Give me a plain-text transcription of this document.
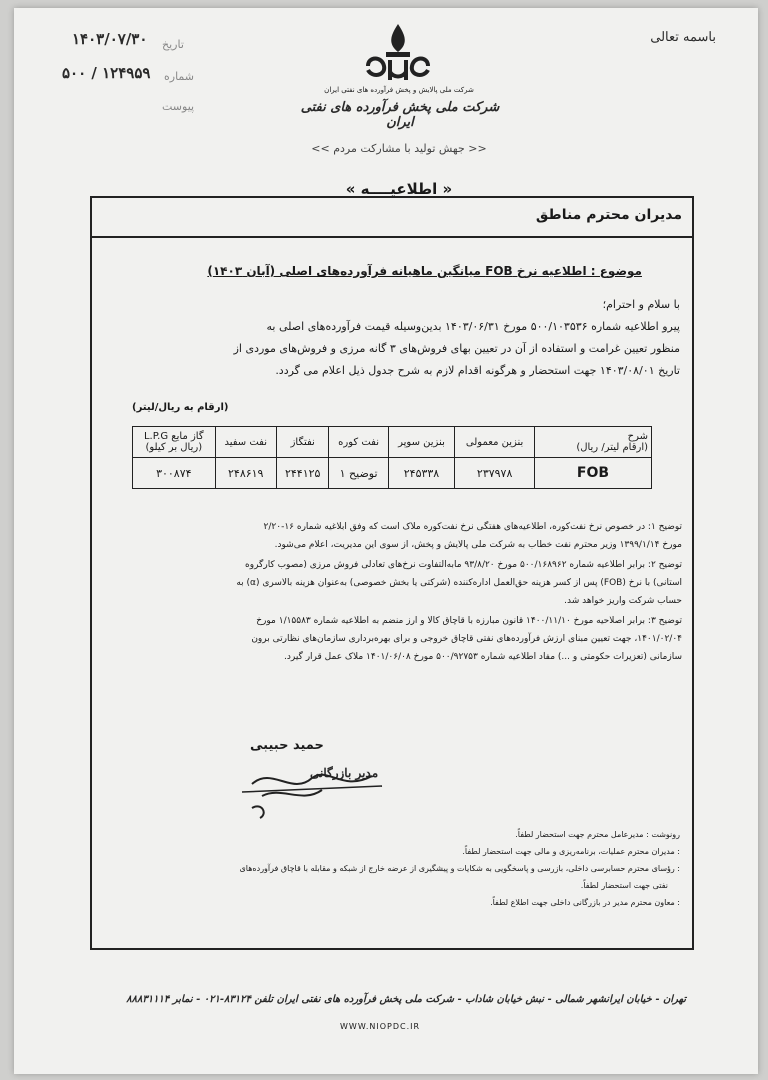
باسمه تعالی
۱۴۰۳/۰۷/۳۰
۵۰۰ / ۱۲۴۹۵۹
تاریخ
شماره
پیوست
شرکت ملی پالایش و پخش فرآورده های نفتی ایران
شرکت ملی پخش فرآورده های نفتی ایران
<< جهش تولید با مشارکت مردم >>
« اطلاعیــــه »
مدیران محترم مناطق
موضوع : اطلاعیه نرخ FOB میانگین ماهیانه فرآورده‌های اصلی (آبان ۱۴۰۳)
با سلام و احترام؛
پیرو اطلاعیه شماره ۵۰۰/۱۰۳۵۳۶ مورخ ۱۴۰۳/۰۶/۳۱ بدین‌وسیله قیمت فرآورده‌های اصلی به
منظور تعیین غرامت و استفاده از آن در تعیین بهای فروش‌های ۳ گانه مرزی و فروش‌های موردی از
تاریخ ۱۴۰۳/۰۸/۰۱ جهت استحضار و هرگونه اقدام لازم به شرح جدول ذیل اعلام می گردد.
(ارقام به ریال/لیتر)
شرح
(ارقام لیتر/ ریال)	بنزین معمولی	بنزین سوپر	نفت کوره	نفتگاز	نفت سفید	گاز مایع L.P.G
(ریال بر کیلو)
FOB	۲۳۷۹۷۸	۲۴۵۳۳۸	توضیح ۱	۲۴۴۱۲۵	۲۴۸۶۱۹	۳۰۰۸۷۴
توضیح ۱: در خصوص نرخ نفت‌کوره، اطلاعیه‌های هفتگی نرخ نفت‌کوره ملاک است که وفق ابلاغیه شماره ۱۶-۲/۲۰
مورخ ۱۳۹۹/۱/۱۴ وزیر محترم نفت خطاب به شرکت ملی پالایش و پخش، از سوی این مدیریت، اعلام می‌شود.
توضیح ۲: برابر اطلاعیه شماره ۵۰۰/۱۶۸۹۶۲ مورخ ۹۳/۸/۲۰ ما‌به‌التفاوت نرخ‌های تعادلی فروش مرزی (مصوب کارگروه
استانی) با نرخ (FOB) پس از کسر هزینه حق‌العمل اداره‌کننده (شرکتی یا بخش خصوصی) به‌عنوان هزینه بالاسری (α) به
حساب شرکت واریز خواهد شد.
توضیح ۳: برابر اصلاحیه مورخ ۱۴۰۰/۱۱/۱۰ قانون مبارزه با قاچاق کالا و ارز منضم به اطلاعیه شماره ۱/۱۵۵۸۳ مورخ
۱۴۰۱/۰۲/۰۴، جهت تعیین مبنای ارزش فرآورده‌های نفتی قاچاق خروجی و برای بهره‌برداری سازمان‌های نظارتی برون
سازمانی (تعزیرات حکومتی و ...) مفاد اطلاعیه شماره ۵۰۰/۹۲۷۵۳ مورخ ۱۴۰۱/۰۶/۰۸ ملاک عمل قرار گیرد.
حمید حبیبی
مدیر بازرگانی
رونوشت : مدیرعامل محترم جهت استحضار لطفاً.
: مدیران محترم عملیات، برنامه‌ریزی و مالی جهت استحضار لطفاً.
: رؤسای محترم حسابرسی داخلی، بازرسی و پاسخگویی به شکایات و پیشگیری از عرضه خارج از شبکه و مقابله با قاچاق فرآورده‌های
نفتی جهت استحضار لطفاً.
: معاون محترم مدیر در بازرگانی داخلی جهت اطلاع لطفاً.
تهران - خیابان ایرانشهر شمالی - نبش خیابان شاداب - شرکت ملی پخش فرآورده های نفتی ایران تلفن ۸۳۱۲۴-۰۲۱ - نمابر ۸۸۸۳۱۱۱۴
WWW.NIOPDC.IR
